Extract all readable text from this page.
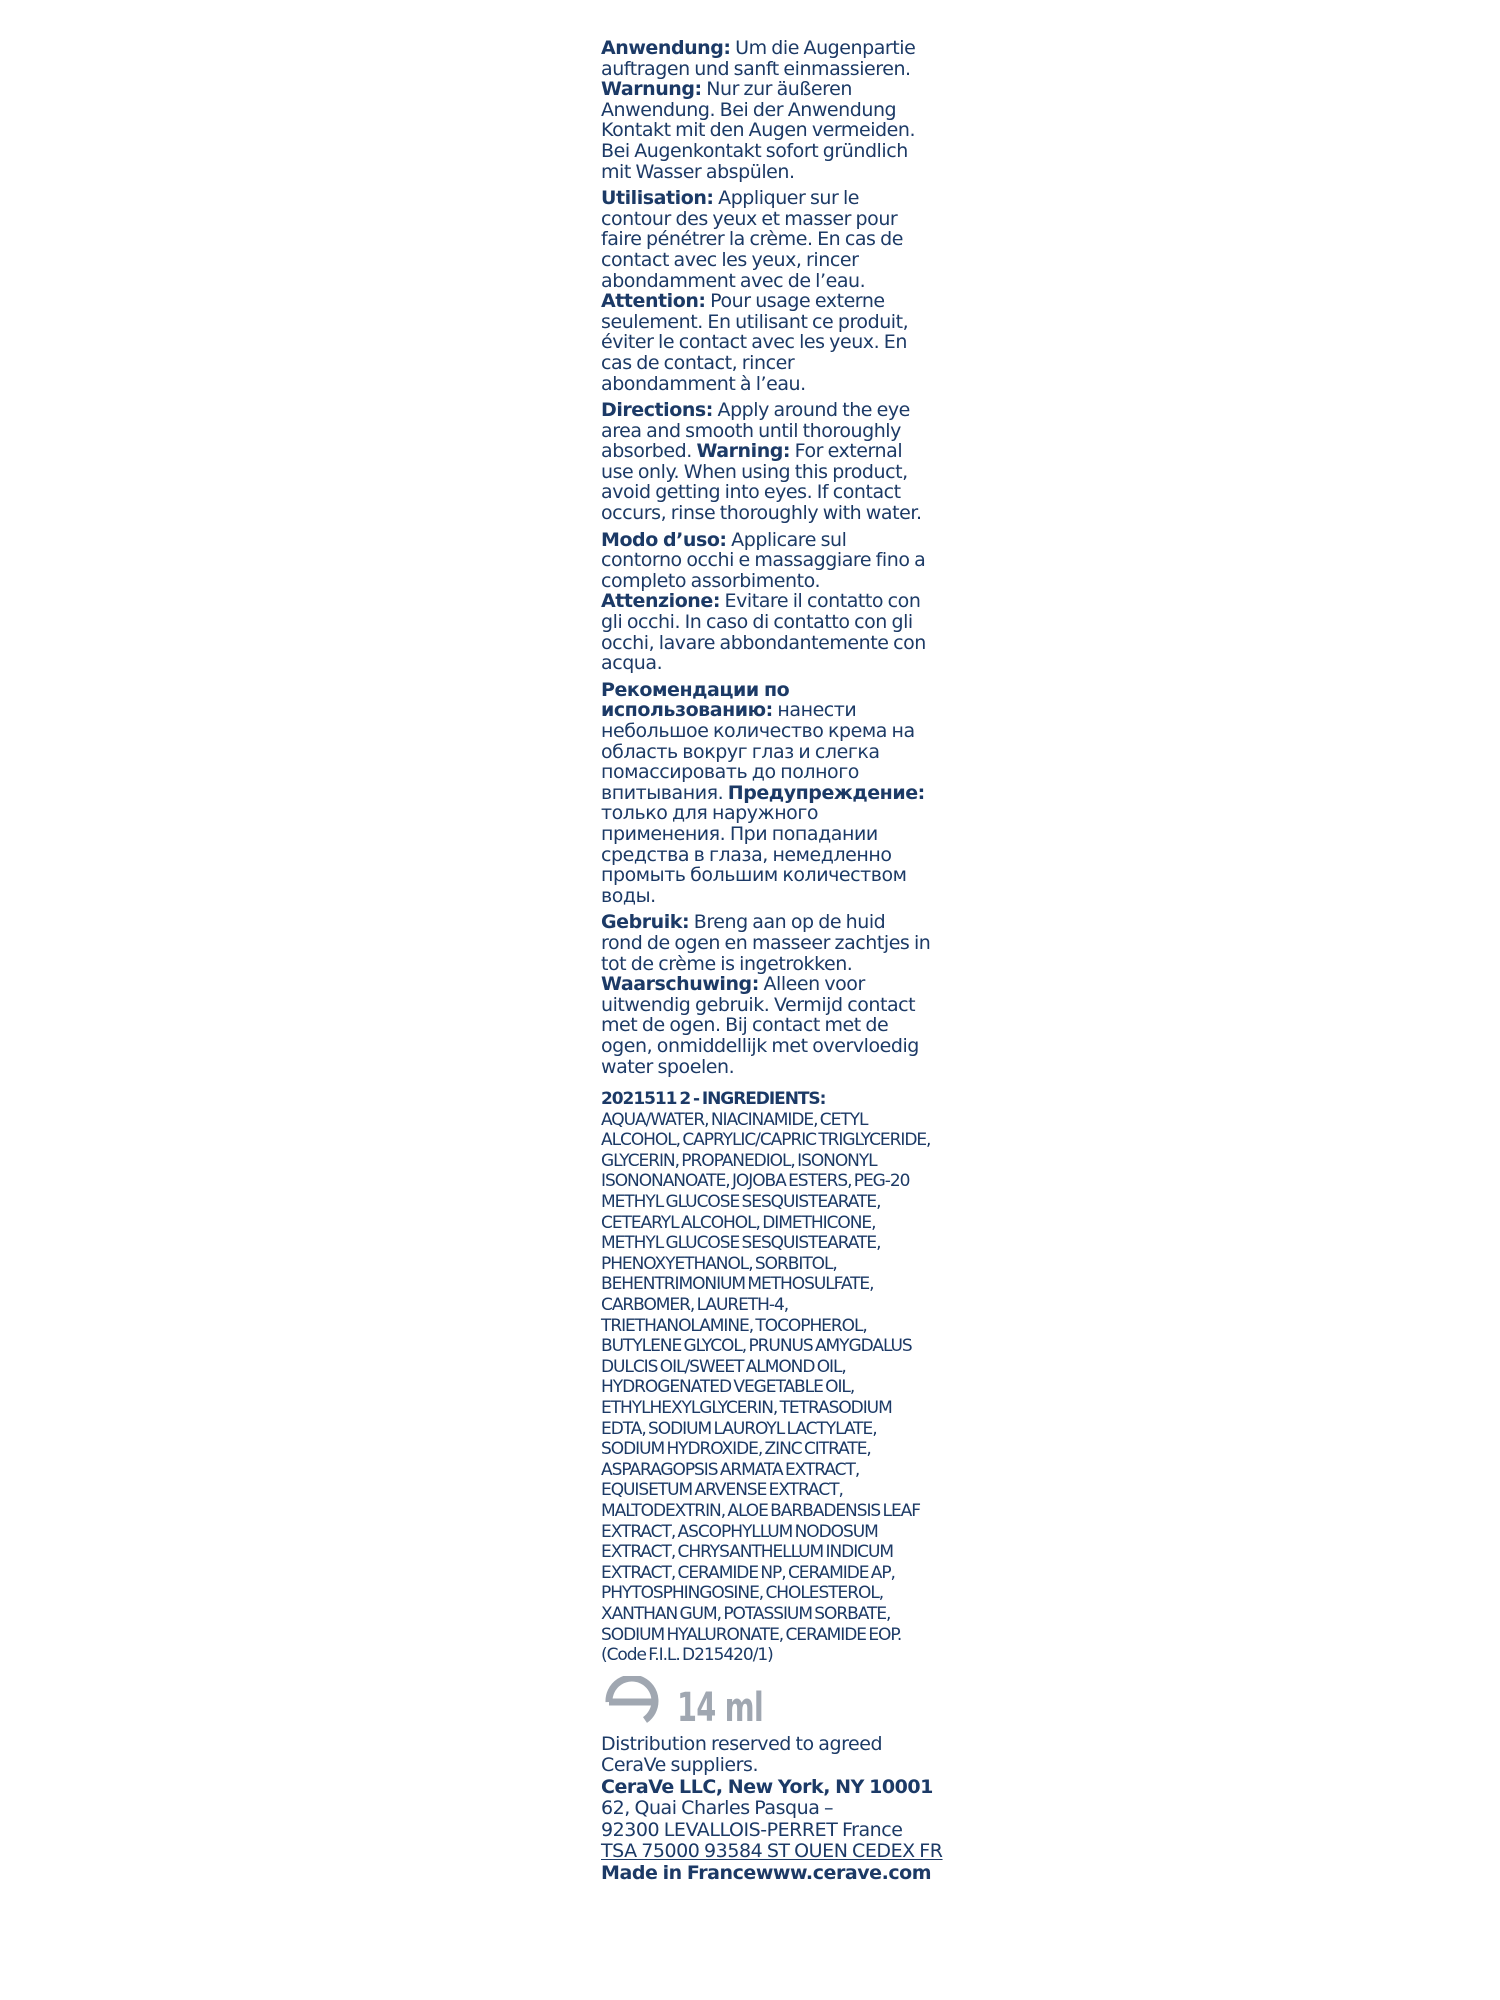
Anwendung: Um die Augenpartie auftragen und sanft einmassieren. Warnung: Nur zur äußeren Anwendung. Bei der Anwendung Kontakt mit den Augen vermeiden. Bei Augenkontakt sofort gründlich mit Wasser abspülen.

Utilisation: Appliquer sur le contour des yeux et masser pour faire pénétrer la crème. En cas de contact avec les yeux, rincer abondamment avec de l’eau. Attention: Pour usage externe seulement. En utilisant ce produit, éviter le contact avec les yeux. En cas de contact, rincer abondamment à l’eau.

Directions: Apply around the eye area and smooth until thoroughly absorbed. Warning: For external use only. When using this product, avoid getting into eyes. If contact occurs, rinse thoroughly with water.

Modo d’uso: Applicare sul contorno occhi e massaggiare fino a completo assorbimento. Attenzione: Evitare il contatto con gli occhi. In caso di contatto con gli occhi, lavare abbondantemente con acqua.

Рекомендации по использованию: нанести небольшое количество крема на область вокруг глаз и слегка помассировать до полного впитывания. Предупреждение: только для наружного применения. При попадании средства в глаза, немедленно промыть большим количеством воды.

Gebruik: Breng aan op de huid rond de ogen en masseer zachtjes in tot de crème is ingetrokken. Waarschuwing: Alleen voor uitwendig gebruik. Vermijd contact met de ogen. Bij contact met de ogen, onmiddellijk met overvloedig water spoelen.

2021511 2 - INGREDIENTS: AQUA/WATER, NIACINAMIDE, CETYL ALCOHOL, CAPRYLIC/CAPRIC TRIGLYCERIDE, GLYCERIN, PROPANEDIOL, ISONONYL ISONONANOATE, JOJOBA ESTERS, PEG-20 METHYL GLUCOSE SESQUISTEARATE, CETEARYL ALCOHOL, DIMETHICONE, METHYL GLUCOSE SESQUISTEARATE, PHENOXYETHANOL, SORBITOL, BEHENTRIMONIUM METHOSULFATE, CARBOMER, LAURETH-4, TRIETHANOLAMINE, TOCOPHEROL, BUTYLENE GLYCOL, PRUNUS AMYGDALUS DULCIS OIL/SWEET ALMOND OIL, HYDROGENATED VEGETABLE OIL, ETHYLHEXYLGLYCERIN, TETRASODIUM EDTA, SODIUM LAUROYL LACTYLATE, SODIUM HYDROXIDE, ZINC CITRATE, ASPARAGOPSIS ARMATA EXTRACT, EQUISETUM ARVENSE EXTRACT, MALTODEXTRIN, ALOE BARBADENSIS LEAF EXTRACT, ASCOPHYLLUM NODOSUM EXTRACT, CHRYSANTHELLUM INDICUM EXTRACT, CERAMIDE NP, CERAMIDE AP, PHYTOSPHINGOSINE, CHOLESTEROL, XANTHAN GUM, POTASSIUM SORBATE, SODIUM HYALURONATE, CERAMIDE EOP.
(Code F.I.L. D215420/1)
14 ml
Distribution reserved to agreed
CeraVe suppliers.
CeraVe LLC, New York, NY 10001
62, Quai Charles Pasqua –
92300 LEVALLOIS-PERRET France
TSA 75000 93584 ST OUEN CEDEX FR
Made in France www.cerave.com
